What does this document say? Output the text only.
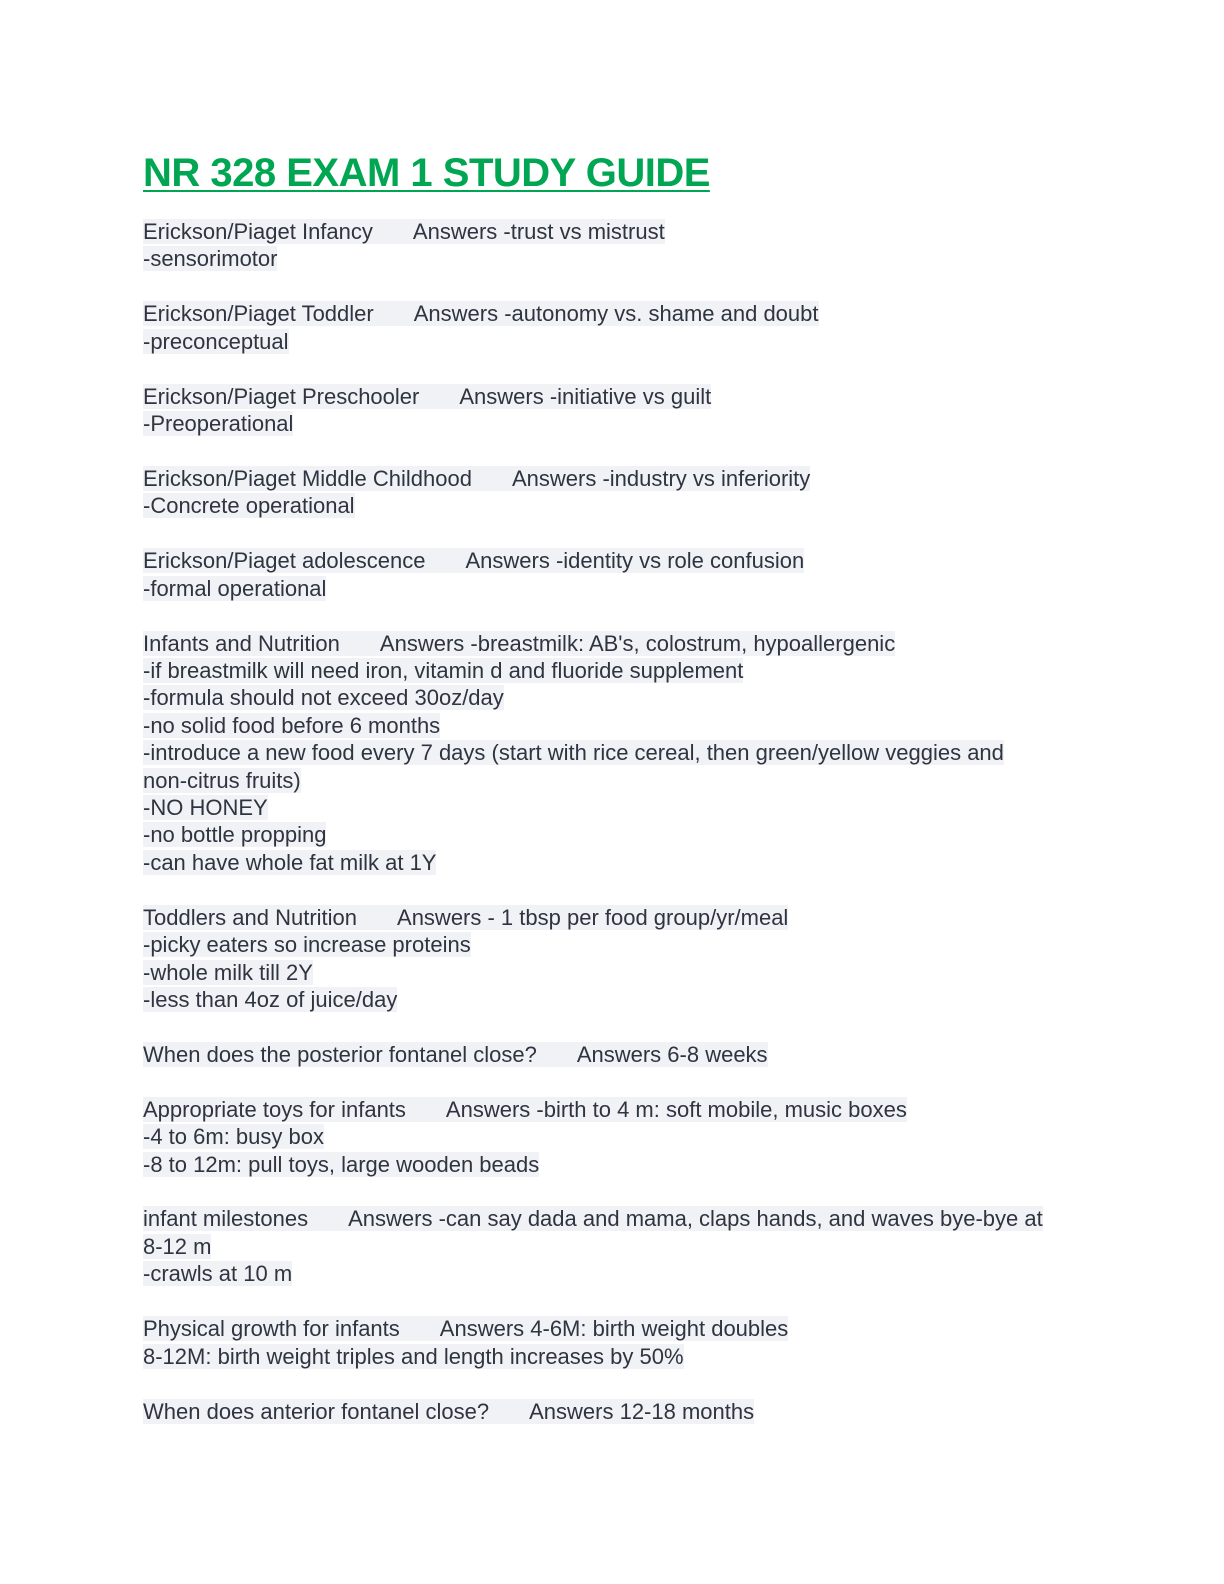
NR 328 EXAM 1 STUDY GUIDE
Erickson/Piaget Infancy Answers -trust vs mistrust
-sensorimotor
Erickson/Piaget Toddler Answers -autonomy vs. shame and doubt
-preconceptual
Erickson/Piaget Preschooler Answers -initiative vs guilt
-Preoperational
Erickson/Piaget Middle Childhood Answers -industry vs inferiority
-Concrete operational
Erickson/Piaget adolescence Answers -identity vs role confusion
-formal operational
Infants and Nutrition Answers -breastmilk: AB's, colostrum, hypoallergenic
-if breastmilk will need iron, vitamin d and fluoride supplement
-formula should not exceed 30oz/day
-no solid food before 6 months
-introduce a new food every 7 days (start with rice cereal, then green/yellow veggies and non-citrus fruits)
-NO HONEY
-no bottle propping
-can have whole fat milk at 1Y
Toddlers and Nutrition Answers - 1 tbsp per food group/yr/meal
-picky eaters so increase proteins
-whole milk till 2Y
-less than 4oz of juice/day
When does the posterior fontanel close? Answers 6-8 weeks
Appropriate toys for infants Answers -birth to 4 m: soft mobile, music boxes
-4 to 6m: busy box
-8 to 12m: pull toys, large wooden beads
infant milestones Answers -can say dada and mama, claps hands, and waves bye-bye at 8-12 m
-crawls at 10 m
Physical growth for infants Answers 4-6M: birth weight doubles
8-12M: birth weight triples and length increases by 50%
When does anterior fontanel close? Answers 12-18 months
